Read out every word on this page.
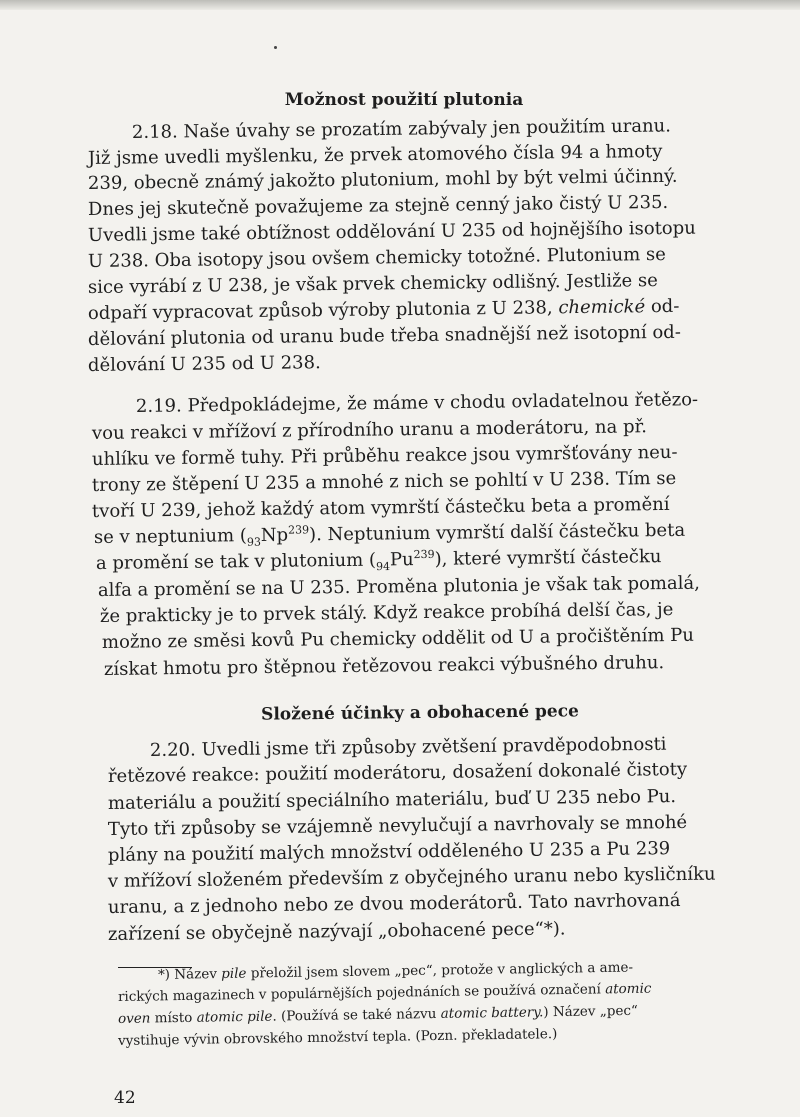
Možnost použití plutonia

2.18. Naše úvahy se prozatím zabývaly jen použitím uranu.

Již jsme uvedli myšlenku, že prvek atomového čísla 94 a hmoty

239, obecně známý jakožto plutonium, mohl by být velmi účinný.

Dnes jej skutečně považujeme za stejně cenný jako čistý U 235.

Uvedli jsme také obtížnost oddělování U 235 od hojnějšího isotopu

U 238. Oba isotopy jsou ovšem chemicky totožné. Plutonium se

sice vyrábí z U 238, je však prvek chemicky odlišný. Jestliže se

odpaří vypracovat způsob výroby plutonia z U 238, chemické od-

dělování plutonia od uranu bude třeba snadnější než isotopní od-

dělování U 235 od U 238.

2.19. Předpokládejme, že máme v chodu ovladatelnou řetězo-

vou reakci v mřížoví z přírodního uranu a moderátoru, na př.

uhlíku ve formě tuhy. Při průběhu reakce jsou vymršťovány neu-

trony ze štěpení U 235 a mnohé z nich se pohltí v U 238. Tím se

tvoří U 239, jehož každý atom vymrští částečku beta a promění

se v neptunium $(_{93}Np^{239})$. Neptunium vymrští další částečku beta

a promění se tak v plutonium $(_{94}Pu^{239})$, které vymrští částečku

alfa a promění se na U 235. Proměna plutonia je však tak pomalá,

že prakticky je to prvek stálý. Když reakce probíhá delší čas, je

možno ze směsi kovů Pu chemicky oddělit od U a pročištěním Pu

získat hmotu pro štěpnou řetězovou reakci výbušného druhu.

Složené účinky a obohacené pece

2.20. Uvedli jsme tři způsoby zvětšení pravděpodobnosti

řetězové reakce: použití moderátoru, dosažení dokonalé čistoty

materiálu a použití speciálního materiálu, buď U 235 nebo Pu.

Tyto tři způsoby se vzájemně nevylučují a navrhovaly se mnohé

plány na použití malých množství odděleného U 235 a Pu 239

v mřížoví složeném především z obyčejného uranu nebo kysličníku

uranu, a z jednoho nebo ze dvou moderátorů. Tato navrhovaná

zařízení se obyčejně nazývají „obohacené pece“*).

*) Název pile přeložil jsem slovem „pec“, protože v anglických a ame-

rických magazinech v populárnějších pojednáních se používá označení atomic

oven místo atomic pile. (Používá se také názvu atomic battery.) Název „pec“

vystihuje vývin obrovského množství tepla. (Pozn. překladatele.)

42
